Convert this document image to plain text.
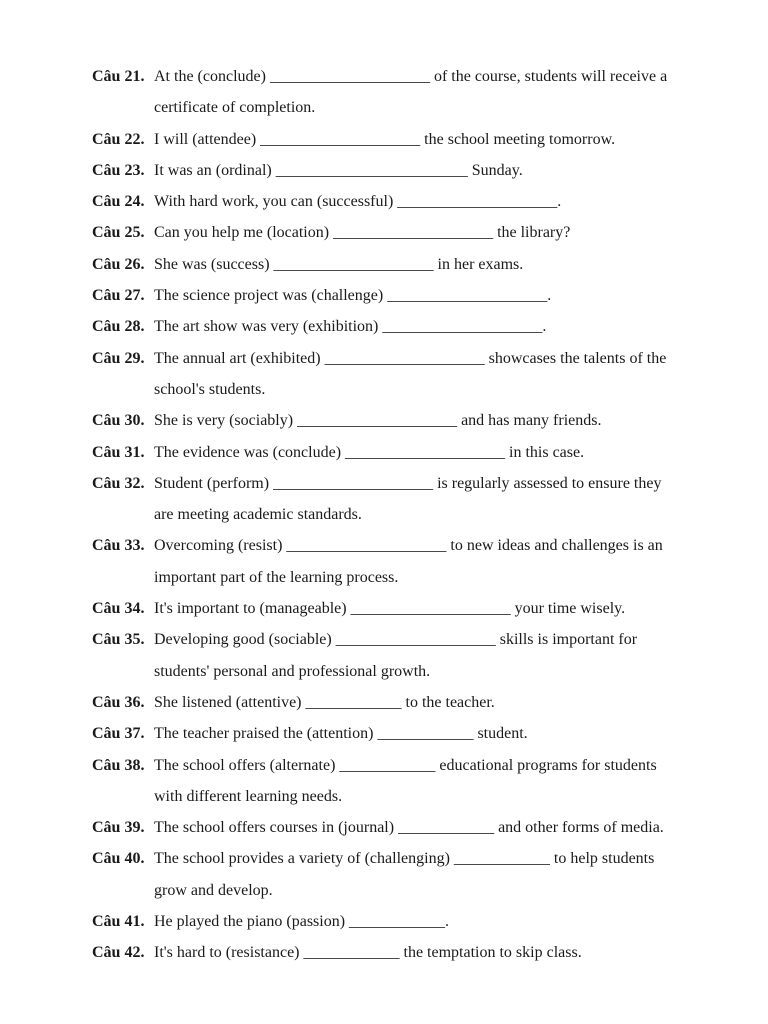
Câu 21. At the (conclude) ____________________ of the course, students will receive a
certificate of completion.
Câu 22. I will (attendee) ____________________ the school meeting tomorrow.
Câu 23. It was an (ordinal) ________________________ Sunday.
Câu 24. With hard work, you can (successful) ____________________.
Câu 25. Can you help me (location) ____________________ the library?
Câu 26. She was (success) ____________________ in her exams.
Câu 27. The science project was (challenge) ____________________.
Câu 28. The art show was very (exhibition) ____________________.
Câu 29. The annual art (exhibited) ____________________ showcases the talents of the
school's students.
Câu 30. She is very (sociably) ____________________ and has many friends.
Câu 31. The evidence was (conclude) ____________________ in this case.
Câu 32. Student (perform) ____________________ is regularly assessed to ensure they
are meeting academic standards.
Câu 33. Overcoming (resist) ____________________ to new ideas and challenges is an
important part of the learning process.
Câu 34. It's important to (manageable) ____________________ your time wisely.
Câu 35. Developing good (sociable) ____________________ skills is important for
students' personal and professional growth.
Câu 36. She listened (attentive) ____________ to the teacher.
Câu 37. The teacher praised the (attention) ____________ student.
Câu 38. The school offers (alternate) ____________ educational programs for students
with different learning needs.
Câu 39. The school offers courses in (journal) ____________ and other forms of media.
Câu 40. The school provides a variety of (challenging) ____________ to help students
grow and develop.
Câu 41. He played the piano (passion) ____________.
Câu 42. It's hard to (resistance) ____________ the temptation to skip class.
